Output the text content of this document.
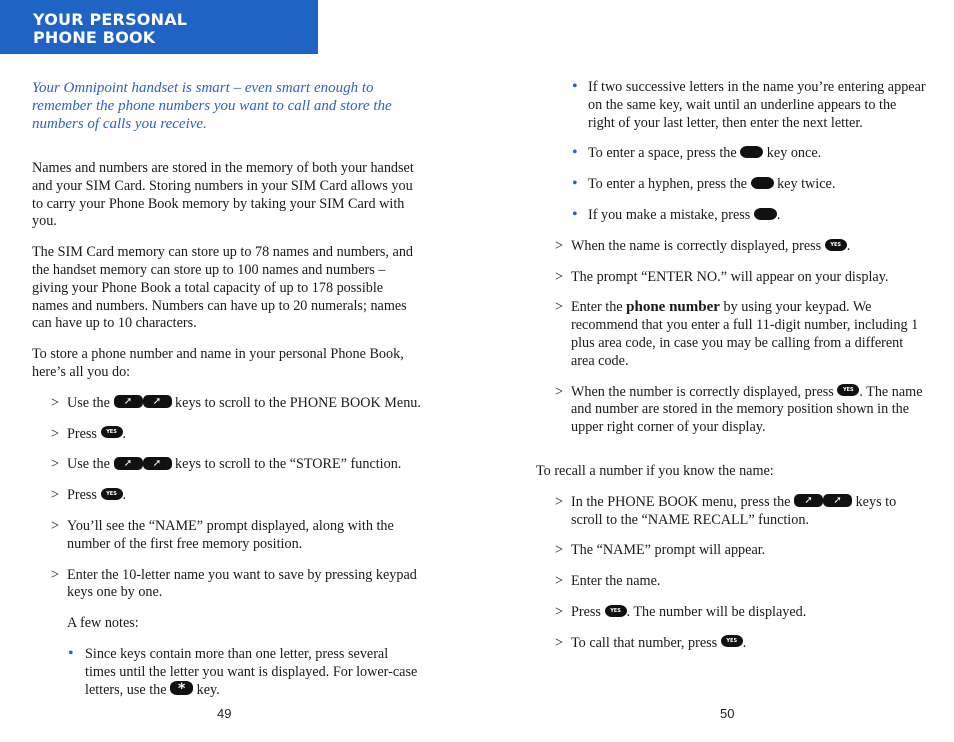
YOUR PERSONAL
PHONE BOOK
Your Omnipoint handset is smart – even smart enough to remember the phone numbers you want to call and store the numbers of calls you receive.

Names and numbers are stored in the memory of both your handset and your SIM Card. Storing numbers in your SIM Card allows you to carry your Phone Book memory by taking your SIM Card with you.

The SIM Card memory can store up to 78 names and numbers, and the handset memory can store up to 100 names and numbers – giving your Phone Book a total capacity of up to 178 possible names and numbers. Numbers can have up to 20 numerals; names can have up to 10 characters.

To store a phone number and name in your personal Phone Book, here’s all you do:

> Use the ➚ ➚ keys to scroll to the PHONE BOOK Menu.
> Press YES .
> Use the ➚ ➚ keys to scroll to the “STORE” function.
> Press YES .
> You’ll see the “NAME” prompt displayed, along with the number of the first free memory position.
> Enter the 10-letter name you want to save by pressing keypad keys one by one.
A few notes:
• Since keys contain more than one letter, press several times until the letter you want is displayed. For lower-case letters, use the * key.
49
• If two successive letters in the name you’re entering appear on the same key, wait until an underline appears to the right of your last letter, then enter the next letter.
• To enter a space, press the key once.
• To enter a hyphen, press the key twice.
• If you make a mistake, press .
> When the name is correctly displayed, press YES .
> The prompt “ENTER NO.” will appear on your display.
> Enter the phone number by using your keypad. We recommend that you enter a full 11-digit number, including 1 plus area code, in case you may be calling from a different area code.
> When the number is correctly displayed, press YES . The name and number are stored in the memory position shown in the upper right corner of your display.

To recall a number if you know the name:

> In the PHONE BOOK menu, press the ➚ ➚ keys to scroll to the “NAME RECALL” function.
> The “NAME” prompt will appear.
> Enter the name.
> Press YES . The number will be displayed.
> To call that number, press YES .
50
